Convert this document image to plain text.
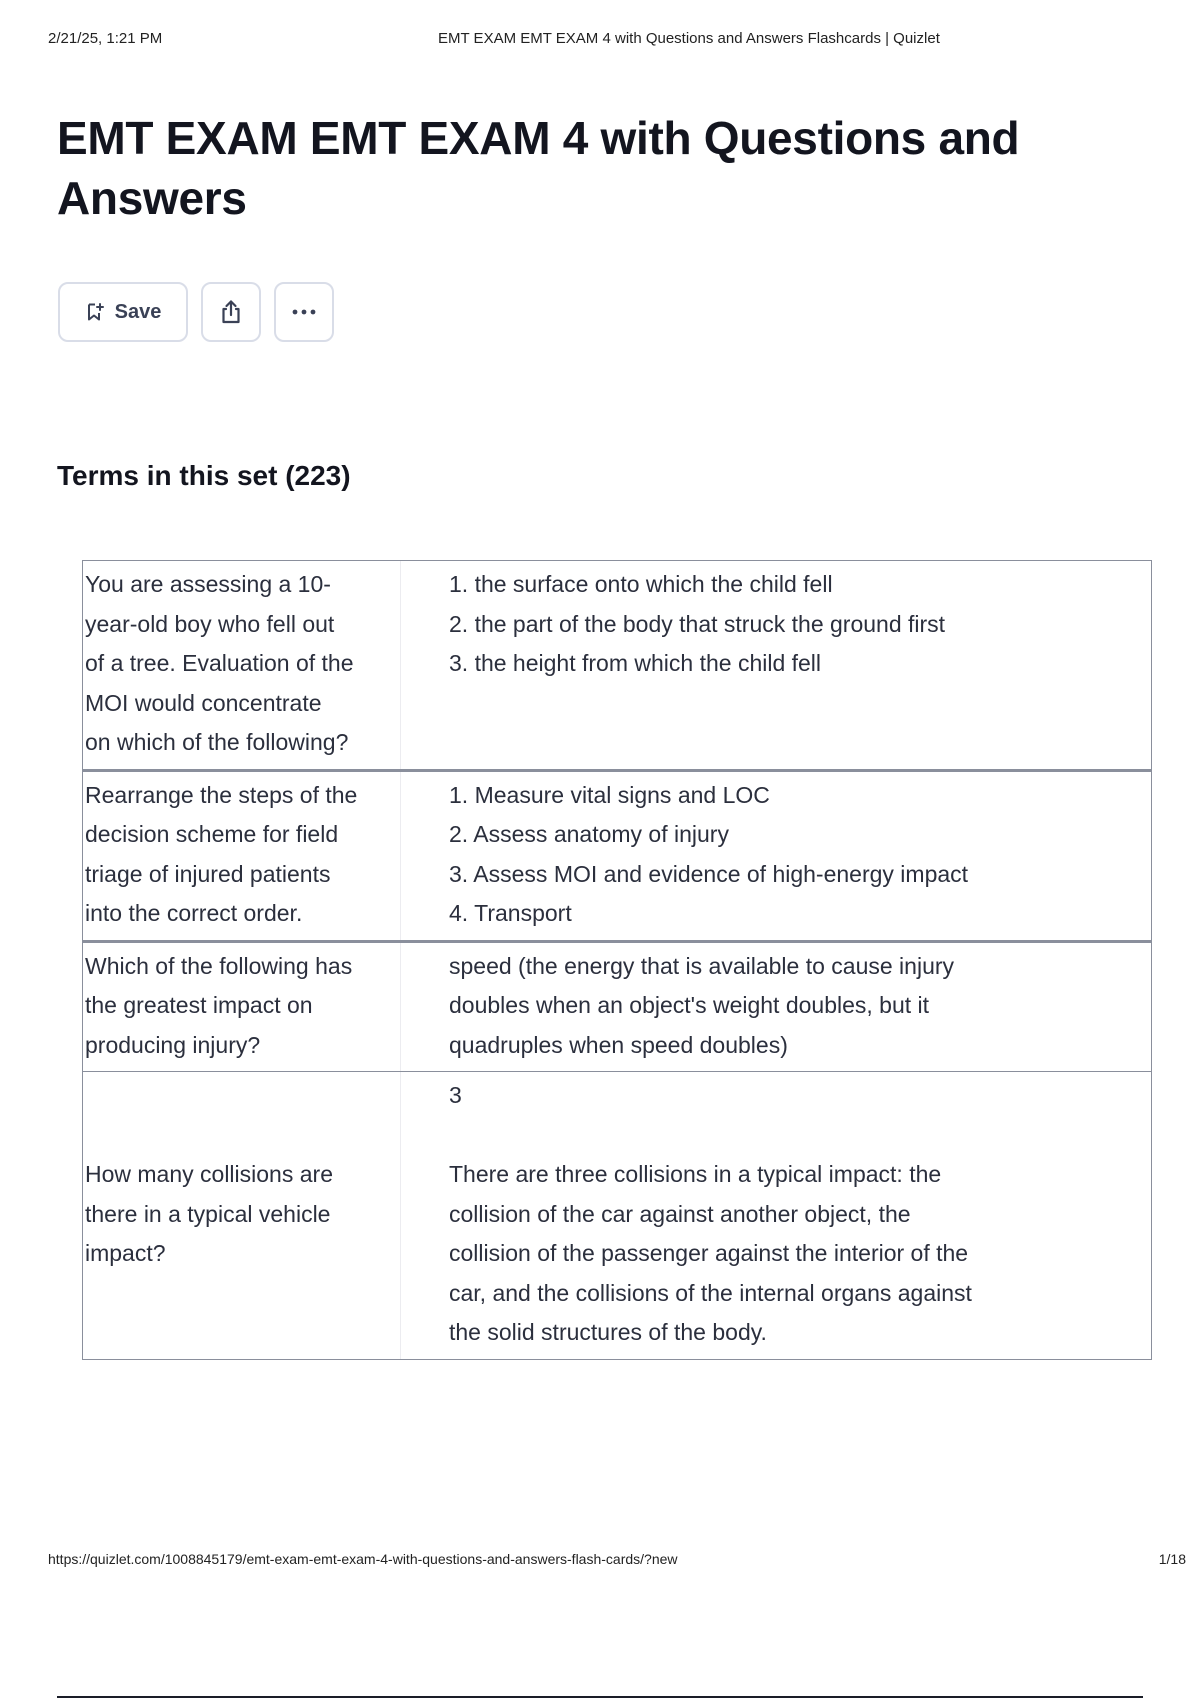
2/21/25, 1:21 PM	EMT EXAM EMT EXAM 4 with Questions and Answers Flashcards | Quizlet
EMT EXAM EMT EXAM 4 with Questions and
Answers
Save
Terms in this set (223)
You are assessing a 10-
year-old boy who fell out
of a tree. Evaluation of the
MOI would concentrate
on which of the following?
1. the surface onto which the child fell
2. the part of the body that struck the ground first
3. the height from which the child fell
Rearrange the steps of the
decision scheme for field
triage of injured patients
into the correct order.
1. Measure vital signs and LOC
2. Assess anatomy of injury
3. Assess MOI and evidence of high-energy impact
4. Transport
Which of the following has
the greatest impact on
producing injury?
speed (the energy that is available to cause injury
doubles when an object's weight doubles, but it
quadruples when speed doubles)
How many collisions are
there in a typical vehicle
impact?
3
There are three collisions in a typical impact: the
collision of the car against another object, the
collision of the passenger against the interior of the
car, and the collisions of the internal organs against
the solid structures of the body.
https://quizlet.com/1008845179/emt-exam-emt-exam-4-with-questions-and-answers-flash-cards/?new	1/18
